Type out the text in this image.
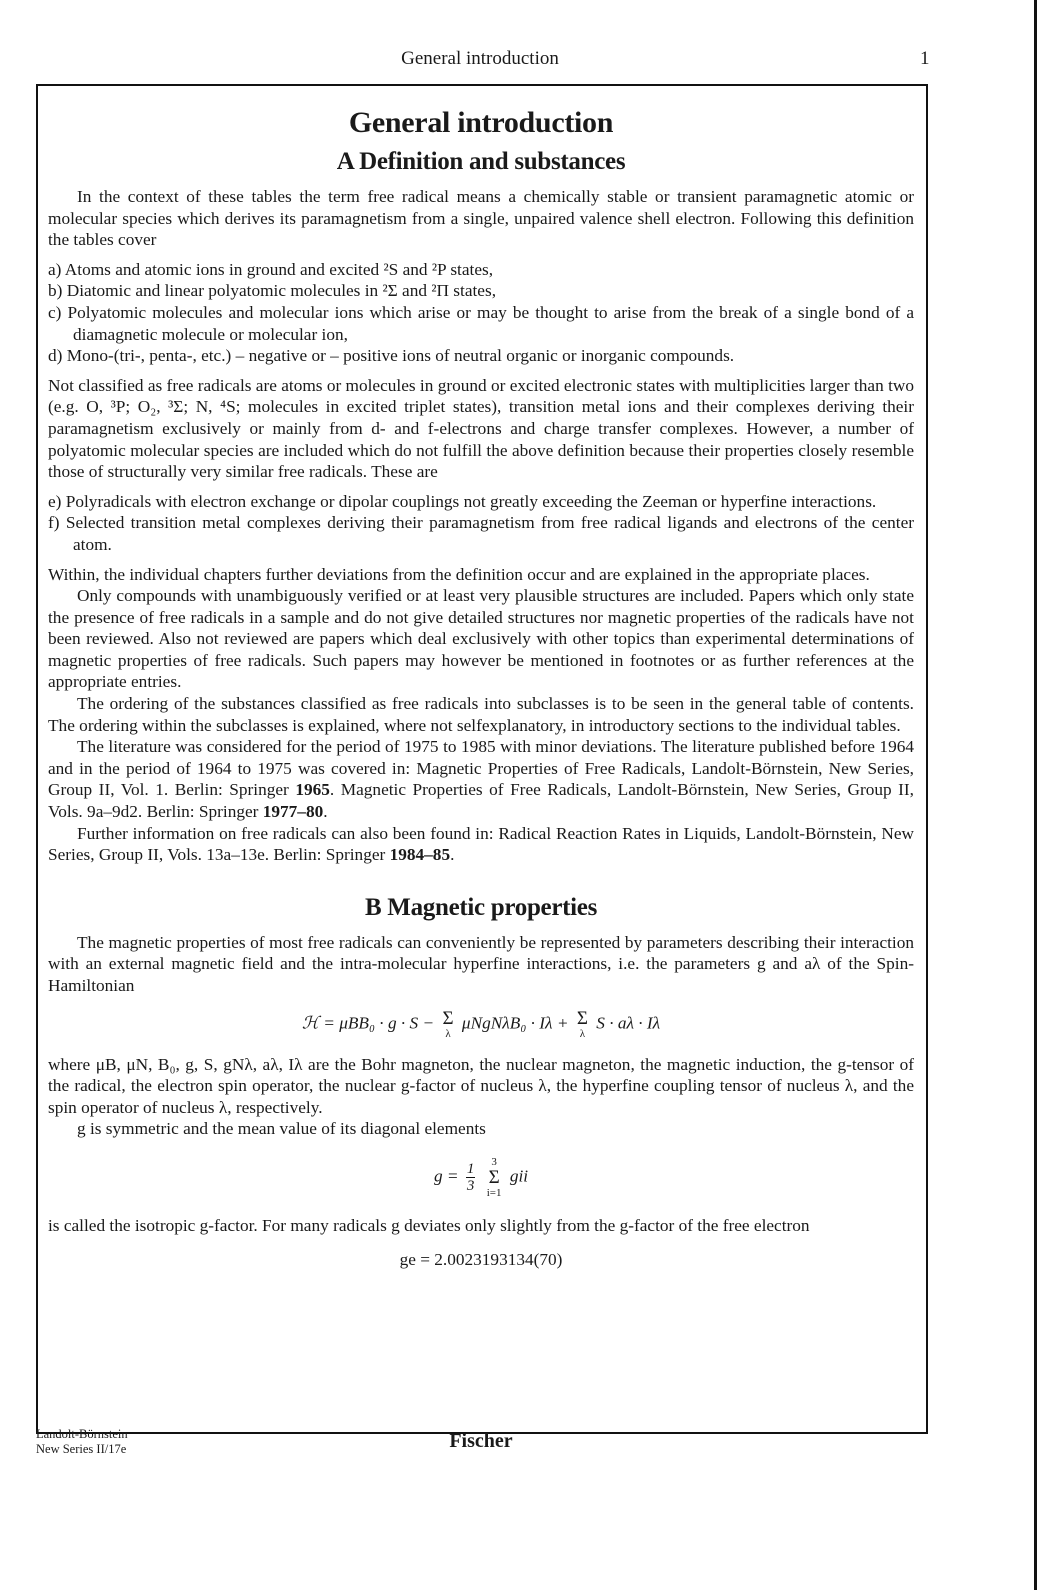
General introduction	1
General introduction
A Definition and substances

In the context of these tables the term free radical means a chemically stable or transient paramagnetic atomic or molecular species which derives its paramagnetism from a single, unpaired valence shell electron. Following this definition the tables cover

a) Atoms and atomic ions in ground and excited ²S and ²P states,
b) Diatomic and linear polyatomic molecules in ²Σ and ²Π states,
c) Polyatomic molecules and molecular ions which arise or may be thought to arise from the break of a single bond of a diamagnetic molecule or molecular ion,
d) Mono-(tri-, penta-, etc.) – negative or – positive ions of neutral organic or inorganic compounds.

Not classified as free radicals are atoms or molecules in ground or excited electronic states with multiplicities larger than two (e.g. O, ³P; O₂, ³Σ; N, ⁴S; molecules in excited triplet states), transition metal ions and their complexes deriving their paramagnetism exclusively or mainly from d- and f-electrons and charge transfer complexes. However, a number of polyatomic molecular species are included which do not fulfill the above definition because their properties closely resemble those of structurally very similar free radicals. These are

e) Polyradicals with electron exchange or dipolar couplings not greatly exceeding the Zeeman or hyperfine interactions.
f) Selected transition metal complexes deriving their paramagnetism from free radical ligands and electrons of the center atom.

Within, the individual chapters further deviations from the definition occur and are explained in the appropriate places.

Only compounds with unambiguously verified or at least very plausible structures are included. Papers which only state the presence of free radicals in a sample and do not give detailed structures nor magnetic properties of the radicals have not been reviewed. Also not reviewed are papers which deal exclusively with other topics than experimental determinations of magnetic properties of free radicals. Such papers may however be mentioned in footnotes or as further references at the appropriate entries.

The ordering of the substances classified as free radicals into subclasses is to be seen in the general table of contents. The ordering within the subclasses is explained, where not selfexplanatory, in introductory sections to the individual tables.

The literature was considered for the period of 1975 to 1985 with minor deviations. The literature published before 1964 and in the period of 1964 to 1975 was covered in: Magnetic Properties of Free Radicals, Landolt-Börnstein, New Series, Group II, Vol. 1. Berlin: Springer 1965. Magnetic Properties of Free Radicals, Landolt-Börnstein, New Series, Group II, Vols. 9a–9d2. Berlin: Springer 1977–80.

Further information on free radicals can also been found in: Radical Reaction Rates in Liquids, Landolt-Börnstein, New Series, Group II, Vols. 13a–13e. Berlin: Springer 1984–85.

B Magnetic properties

The magnetic properties of most free radicals can conveniently be represented by parameters describing their interaction with an external magnetic field and the intra-molecular hyperfine interactions, i.e. the parameters g and aλ of the Spin-Hamiltonian

ℋ = μBB₀ · g · S − Σ
λ μNgNλB₀ · Iλ + Σ
λ S · aλ · Iλ

where μB, μN, B₀, g, S, gNλ, aλ, Iλ are the Bohr magneton, the nuclear magneton, the magnetic induction, the g-tensor of the radical, the electron spin operator, the nuclear g-factor of nucleus λ, the hyperfine coupling tensor of nucleus λ, and the spin operator of nucleus λ, respectively.

g is symmetric and the mean value of its diagonal elements

$g = \frac{1}{3} 3$
Σ
i=1 gii

is called the isotropic g-factor. For many radicals g deviates only slightly from the g-factor of the free electron

ge = 2.0023193134(70)
Landolt-Börnstein
New Series II/17e	Fischer
